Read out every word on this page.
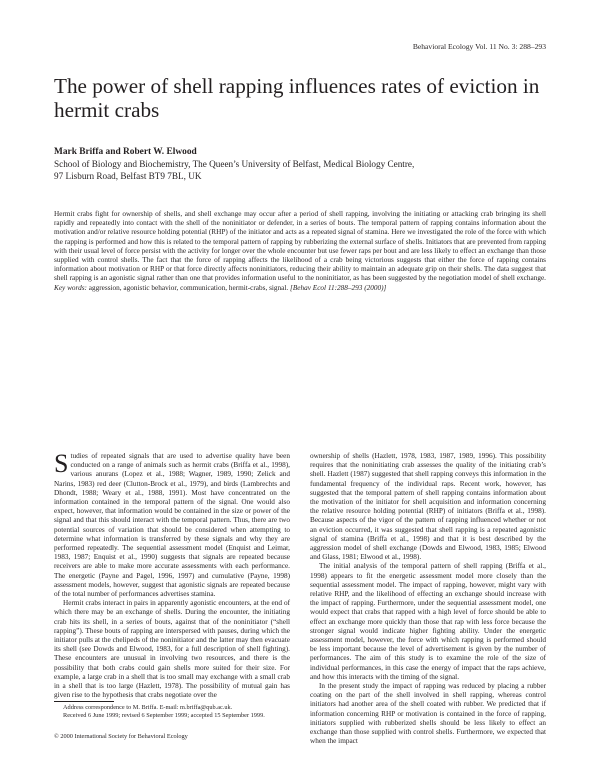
Behavioral Ecology Vol. 11 No. 3: 288–293
The power of shell rapping influences rates of eviction in hermit crabs
Mark Briffa and Robert W. Elwood
School of Biology and Biochemistry, The Queen’s University of Belfast, Medical Biology Centre,
97 Lisburn Road, Belfast BT9 7BL, UK
Hermit crabs fight for ownership of shells, and shell exchange may occur after a period of shell rapping, involving the initiating or attacking crab bringing its shell rapidly and repeatedly into contact with the shell of the noninitiator or defender, in a series of bouts. The temporal pattern of rapping contains information about the motivation and/or relative resource holding potential (RHP) of the initiator and acts as a repeated signal of stamina. Here we investigated the role of the force with which the rapping is performed and how this is related to the temporal pattern of rapping by rubberizing the external surface of shells. Initiators that are prevented from rapping with their usual level of force persist with the activity for longer over the whole encounter but use fewer raps per bout and are less likely to effect an exchange than those supplied with control shells. The fact that the force of rapping affects the likelihood of a crab being victorious suggests that either the force of rapping contains information about motivation or RHP or that force directly affects noninitiators, reducing their ability to maintain an adequate grip on their shells. The data suggest that shell rapping is an agonistic signal rather than one that provides information useful to the noninitiator, as has been suggested by the negotiation model of shell exchange. Key words: aggression, agonistic behavior, communication, hermit-crabs, signal. [Behav Ecol 11:288–293 (2000)]

Studies of repeated signals that are used to advertise quality have been conducted on a range of animals such as hermit crabs (Briffa et al., 1998), various anurans (Lopez et al., 1988; Wagner, 1989, 1990; Zelick and Narins, 1983) red deer (Clutton-Brock et al., 1979), and birds (Lambrechts and Dhondt, 1988; Weary et al., 1988, 1991). Most have concentrated on the information contained in the temporal pattern of the signal. One would also expect, however, that information would be contained in the size or power of the signal and that this should interact with the temporal pattern. Thus, there are two potential sources of variation that should be considered when attempting to determine what information is transferred by these signals and why they are performed repeatedly. The sequential assessment model (Enquist and Leimar, 1983, 1987; Enquist et al., 1990) suggests that signals are repeated because receivers are able to make more accurate assessments with each performance. The energetic (Payne and Pagel, 1996, 1997) and cumulative (Payne, 1998) assessment models, however, suggest that agonistic signals are repeated because of the total number of performances advertises stamina.

Hermit crabs interact in pairs in apparently agonistic encounters, at the end of which there may be an exchange of shells. During the encounter, the initiating crab hits its shell, in a series of bouts, against that of the noninitiator (“shell rapping”). These bouts of rapping are interspersed with pauses, during which the initiator pulls at the chelipeds of the noninitiator and the latter may then evacuate its shell (see Dowds and Elwood, 1983, for a full description of shell fighting). These encounters are unusual in involving two resources, and there is the possibility that both crabs could gain shells more suited for their size. For example, a large crab in a shell that is too small may exchange with a small crab in a shell that is too large (Hazlett, 1978). The possibility of mutual gain has given rise to the hypothesis that crabs negotiate over the

ownership of shells (Hazlett, 1978, 1983, 1987, 1989, 1996). This possibility requires that the noninitiating crab assesses the quality of the initiating crab’s shell. Hazlett (1987) suggested that shell rapping conveys this information in the fundamental frequency of the individual raps. Recent work, however, has suggested that the temporal pattern of shell rapping contains information about the motivation of the initiator for shell acquisition and information concerning the relative resource holding potential (RHP) of initiators (Briffa et al., 1998). Because aspects of the vigor of the pattern of rapping influenced whether or not an eviction occurred, it was suggested that shell rapping is a repeated agonistic signal of stamina (Briffa et al., 1998) and that it is best described by the aggression model of shell exchange (Dowds and Elwood, 1983, 1985; Elwood and Glass, 1981; Elwood et al., 1998).

The initial analysis of the temporal pattern of shell rapping (Briffa et al., 1998) appears to fit the energetic assessment model more closely than the sequential assessment model. The impact of rapping, however, might vary with relative RHP, and the likelihood of effecting an exchange should increase with the impact of rapping. Furthermore, under the sequential assessment model, one would expect that crabs that rapped with a high level of force should be able to effect an exchange more quickly than those that rap with less force because the stronger signal would indicate higher fighting ability. Under the energetic assessment model, however, the force with which rapping is performed should be less important because the level of advertisement is given by the number of performances. The aim of this study is to examine the role of the size of individual performances, in this case the energy of impact that the raps achieve, and how this interacts with the timing of the signal.

In the present study the impact of rapping was reduced by placing a rubber coating on the part of the shell involved in shell rapping, whereas control initiators had another area of the shell coated with rubber. We predicted that if information concerning RHP or motivation is contained in the force of rapping, initiators supplied with rubberized shells should be less likely to effect an exchange than those supplied with control shells. Furthermore, we expected that when the impact

Address correspondence to M. Briffa. E-mail: m.briffa@qub.ac.uk.

Received 6 June 1999; revised 6 September 1999; accepted 15 September 1999.

© 2000 International Society for Behavioral Ecology
